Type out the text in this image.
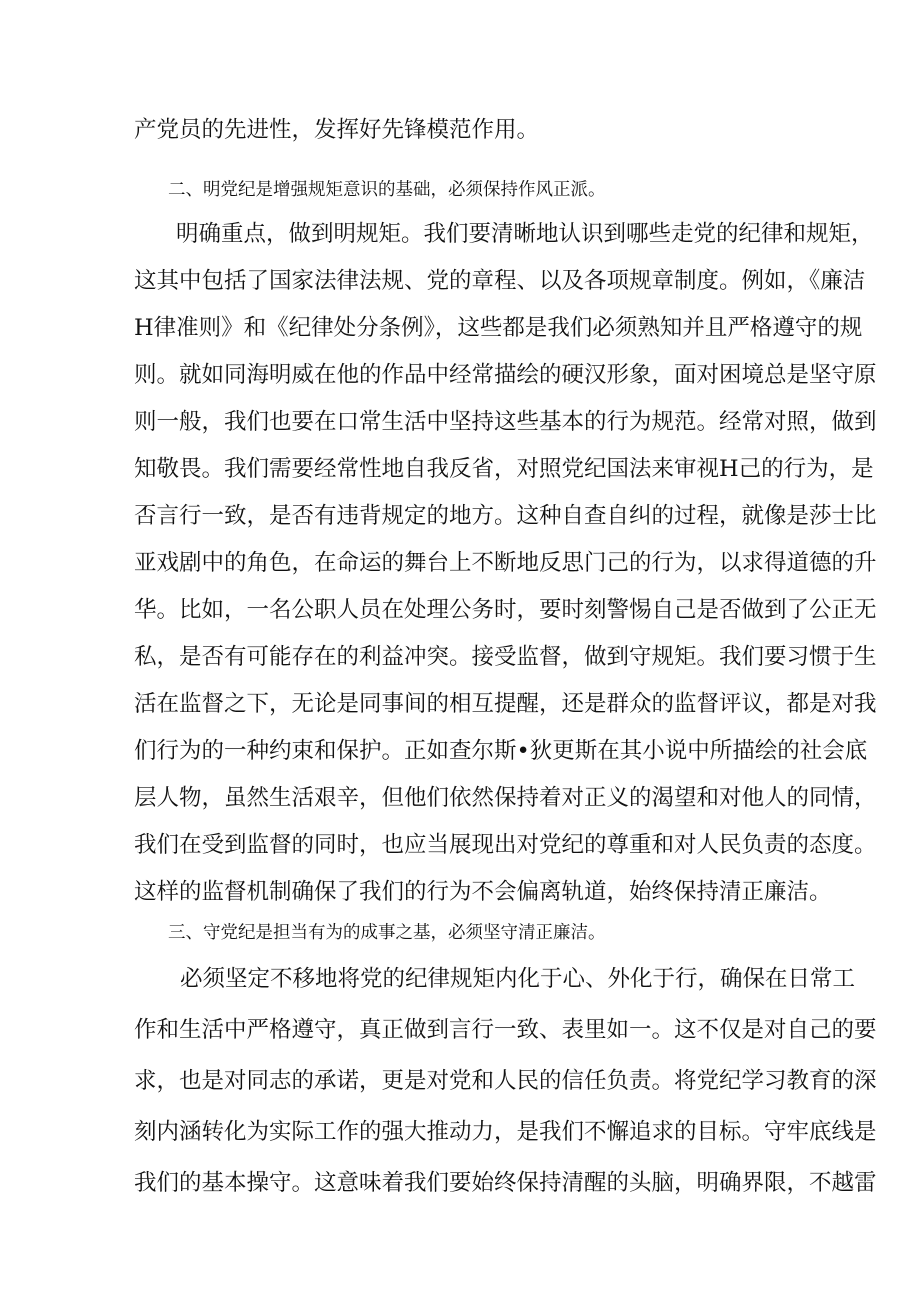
产党员的先进性，发挥好先锋模范作用。
二、明党纪是增强规矩意识的基础，必须保持作风正派。
明确重点，做到明规矩。我们要清晰地认识到哪些走党的纪律和规矩，
这其中包括了国家法律法规、党的章程、以及各项规章制度。例如，《廉洁
H律准则》和《纪律处分条例》，这些都是我们必须熟知并且严格遵守的规
则。就如同海明威在他的作品中经常描绘的硬汉形象，面对困境总是坚守原
则一般，我们也要在口常生活中坚持这些基本的行为规范。经常对照，做到
知敬畏。我们需要经常性地自我反省，对照党纪国法来审视H己的行为，是
否言行一致，是否有违背规定的地方。这种自查自纠的过程，就像是莎士比
亚戏剧中的角色，在命运的舞台上不断地反思门己的行为，以求得道德的升
华。比如，一名公职人员在处理公务时，要时刻警惕自己是否做到了公正无
私，是否有可能存在的利益冲突。接受监督，做到守规矩。我们要习惯于生
活在监督之下，无论是同事间的相互提醒，还是群众的监督评议，都是对我
们行为的一种约束和保护。正如查尔斯•狄更斯在其小说中所描绘的社会底
层人物，虽然生活艰辛，但他们依然保持着对正义的渴望和对他人的同情，
我们在受到监督的同时，也应当展现出对党纪的尊重和对人民负责的态度。
这样的监督机制确保了我们的行为不会偏离轨道，始终保持清正廉洁。
三、守党纪是担当有为的成事之基，必须坚守清正廉洁。
必须坚定不移地将党的纪律规矩内化于心、外化于行，确保在日常工
作和生活中严格遵守，真正做到言行一致、表里如一。这不仅是对自己的要
求，也是对同志的承诺，更是对党和人民的信任负责。将党纪学习教育的深
刻内涵转化为实际工作的强大推动力，是我们不懈追求的目标。守牢底线是
我们的基本操守。这意味着我们要始终保持清醒的头脑，明确界限，不越雷
